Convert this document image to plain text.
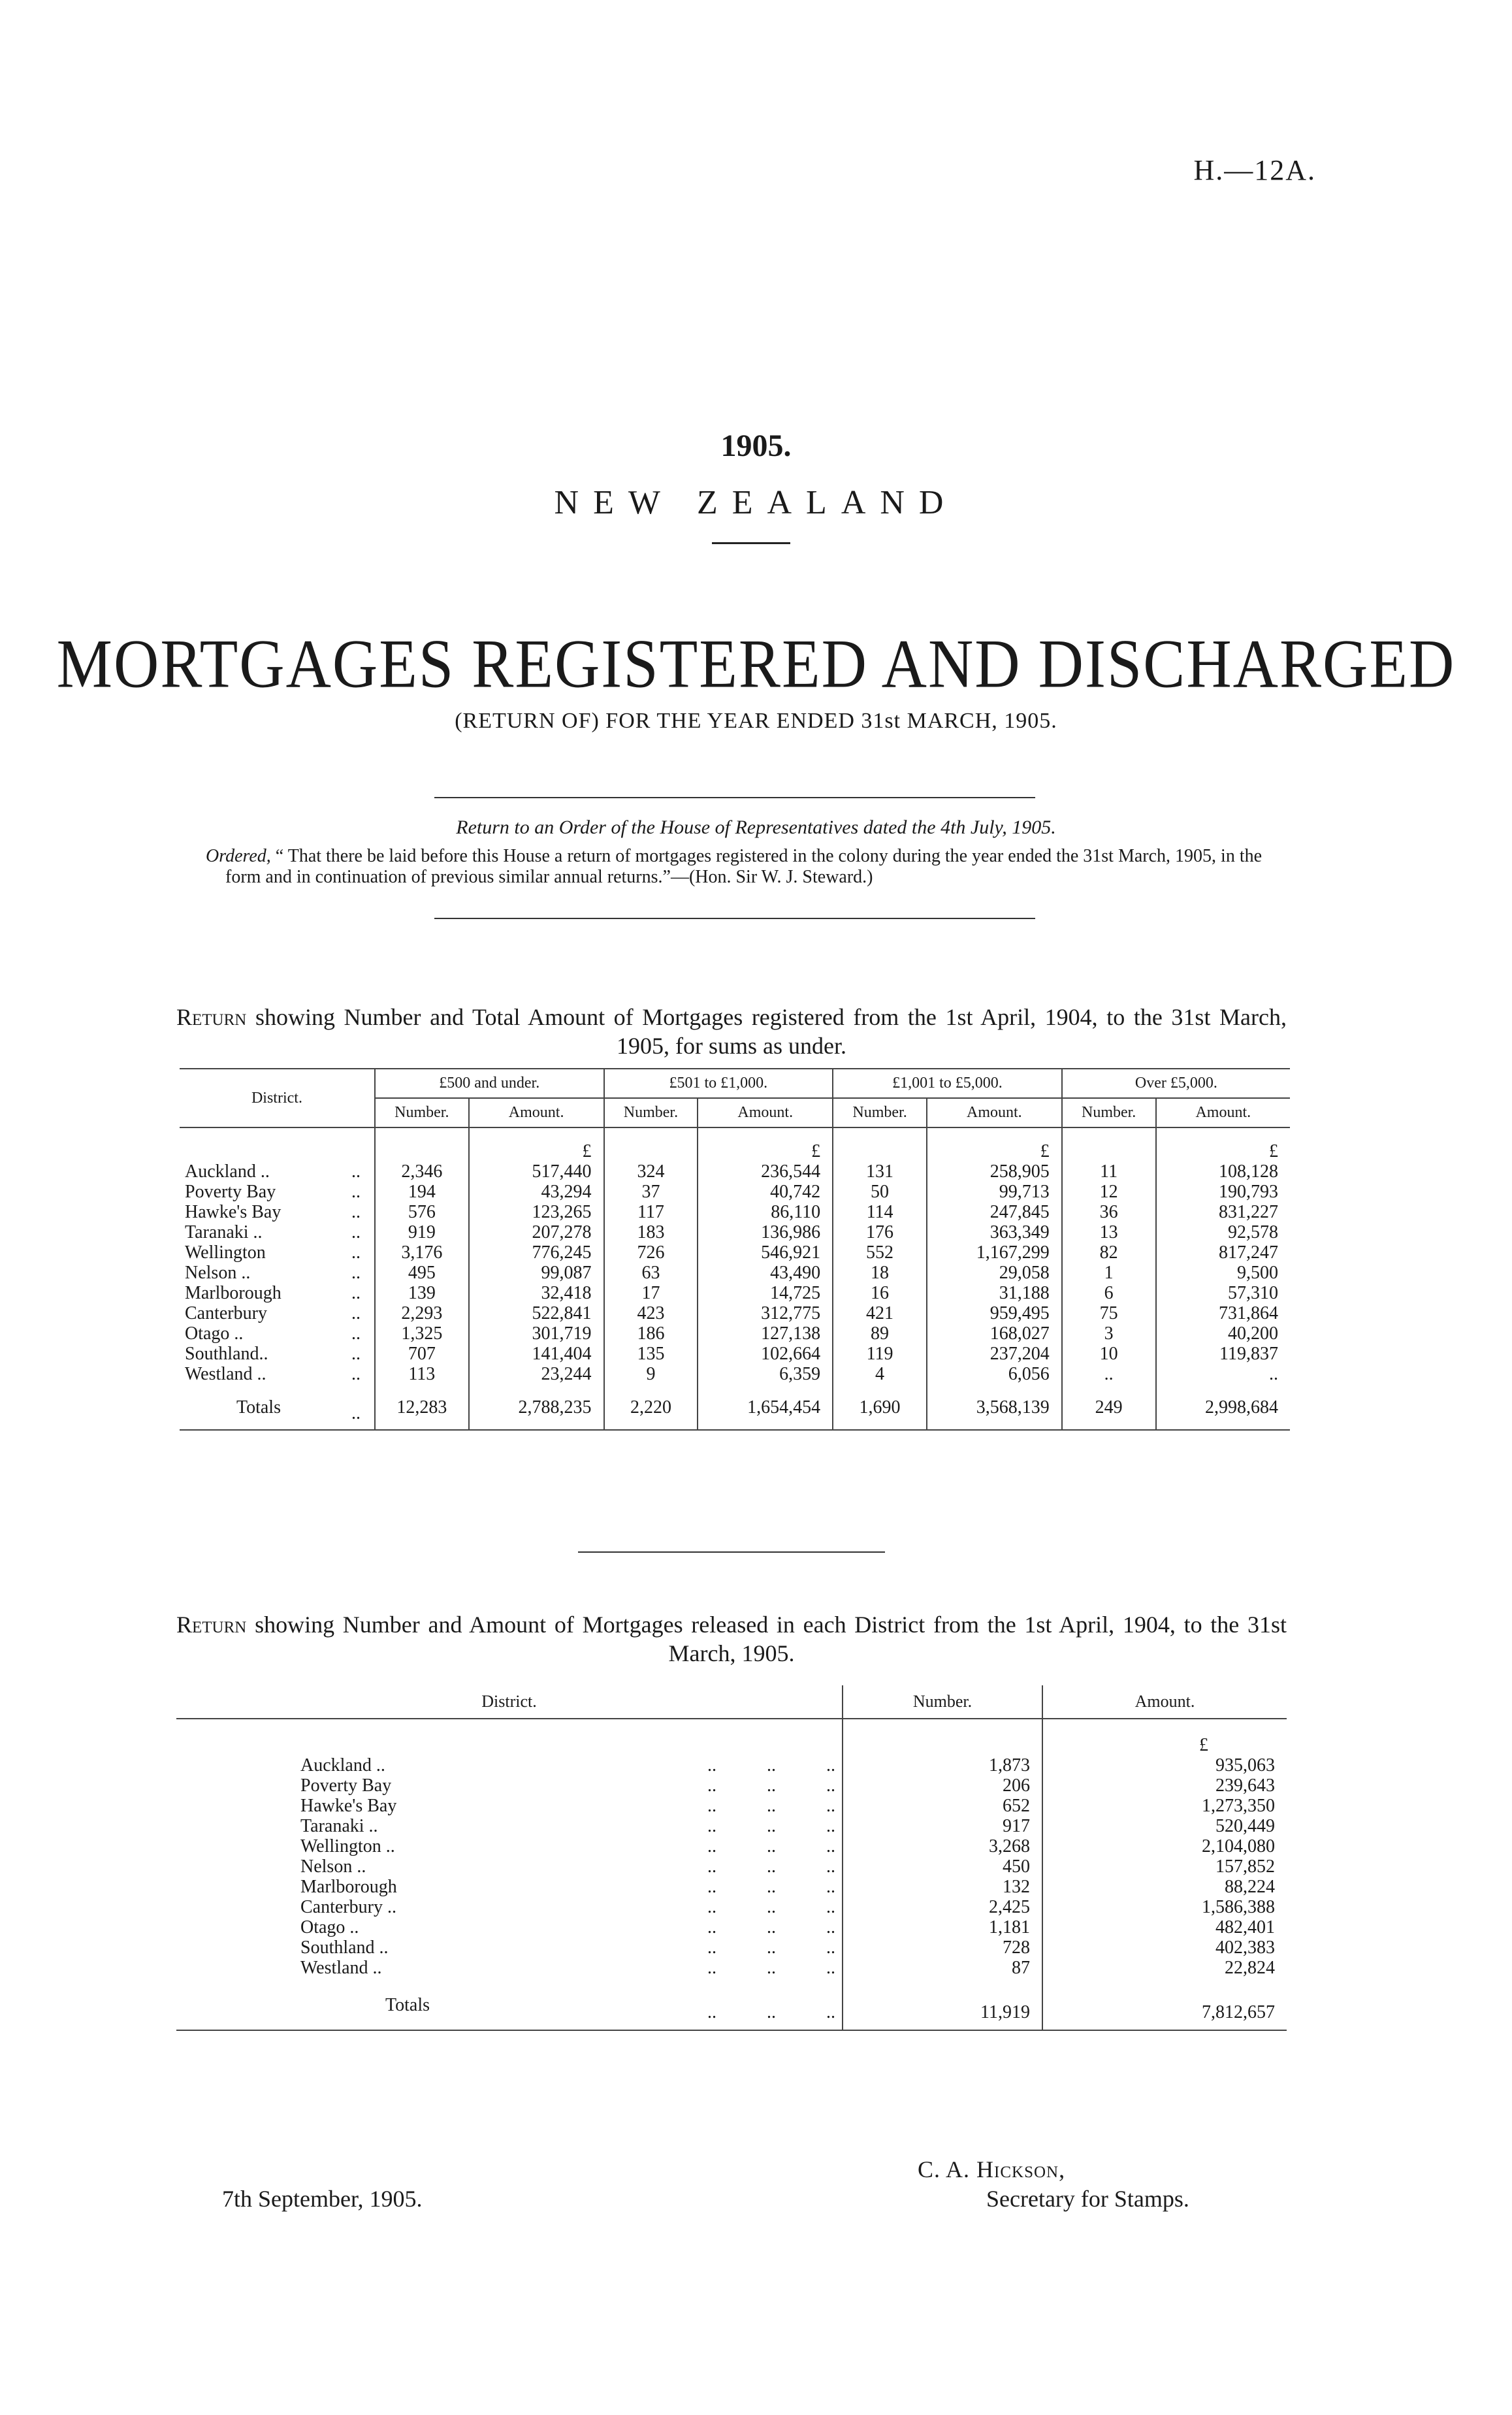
H.—12A.
1905.
NEW ZEALAND
MORTGAGES REGISTERED AND DISCHARGED
(RETURN OF) FOR THE YEAR ENDED 31st MARCH, 1905.
Return to an Order of the House of Representatives dated the 4th July, 1905.
Ordered, “ That there be laid before this House a return of mortgages registered in the colony during the year ended the 31st March, 1905, in the form and in continuation of previous similar annual returns.”—(Hon. Sir W. J. Steward.)
Return showing Number and Total Amount of Mortgages registered from the 1st April, 1904, to the 31st March, 1905, for sums as under.
District.		£500 and under.		£501 to £1,000.		£1,001 to £5,000.		Over £5,000.	
		Number.	Amount.	Number.	Amount.	Number.	Amount.	Number.	Amount.
			£		£		£		£
Auckland ..	..	2,346	517,440	324	236,544	131	258,905	11	108,128
Poverty Bay	..	194	43,294	37	40,742	50	99,713	12	190,793
Hawke's Bay	..	576	123,265	117	86,110	114	247,845	36	831,227
Taranaki ..	..	919	207,278	183	136,986	176	363,349	13	92,578
Wellington	..	3,176	776,245	726	546,921	552	1,167,299	82	817,247
Nelson ..	..	495	99,087	63	43,490	18	29,058	1	9,500
Marlborough	..	139	32,418	17	14,725	16	31,188	6	57,310
Canterbury	..	2,293	522,841	423	312,775	421	959,495	75	731,864
Otago ..	..	1,325	301,719	186	127,138	89	168,027	3	40,200
Southland..	..	707	141,404	135	102,664	119	237,204	10	119,837
Westland ..	..	113	23,244	9	6,359	4	6,056	..	..
Totals	..	12,283	2,788,235	2,220	1,654,454	1,690	3,568,139	249	2,998,684
Return showing Number and Amount of Mortgages released in each District from the 1st April, 1904, to the 31st March, 1905.
District.		Number.	Amount.
			£
Auckland ..	.. .. ..	1,873	935,063
Poverty Bay	.. .. ..	206	239,643
Hawke's Bay	.. .. ..	652	1,273,350
Taranaki ..	.. .. ..	917	520,449
Wellington ..	.. .. ..	3,268	2,104,080
Nelson ..	.. .. ..	450	157,852
Marlborough	.. .. ..	132	88,224
Canterbury ..	.. .. ..	2,425	1,586,388
Otago ..	.. .. ..	1,181	482,401
Southland ..	.. .. ..	728	402,383
Westland ..	.. .. ..	87	22,824
Totals	.. .. ..	11,919	7,812,657
7th September, 1905.
C. A. Hickson,
Secretary for Stamps.
